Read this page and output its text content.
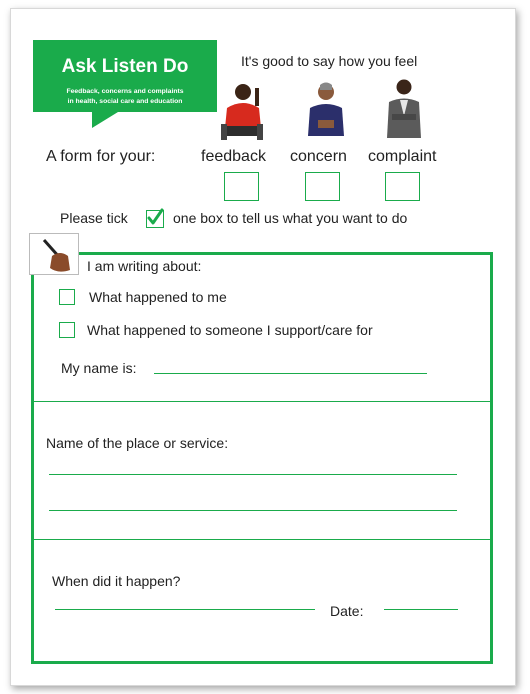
Ask Listen Do
Feedback, concerns and complaints
in health, social care and education
It's good to say how you feel
A form for your:	feedback concern complaint
Please tick	one box to tell us what you want to do
I am writing about:
What happened to me
What happened to someone I support/care for
My name is:
Name of the place or service:
When did it happen?
Date:
